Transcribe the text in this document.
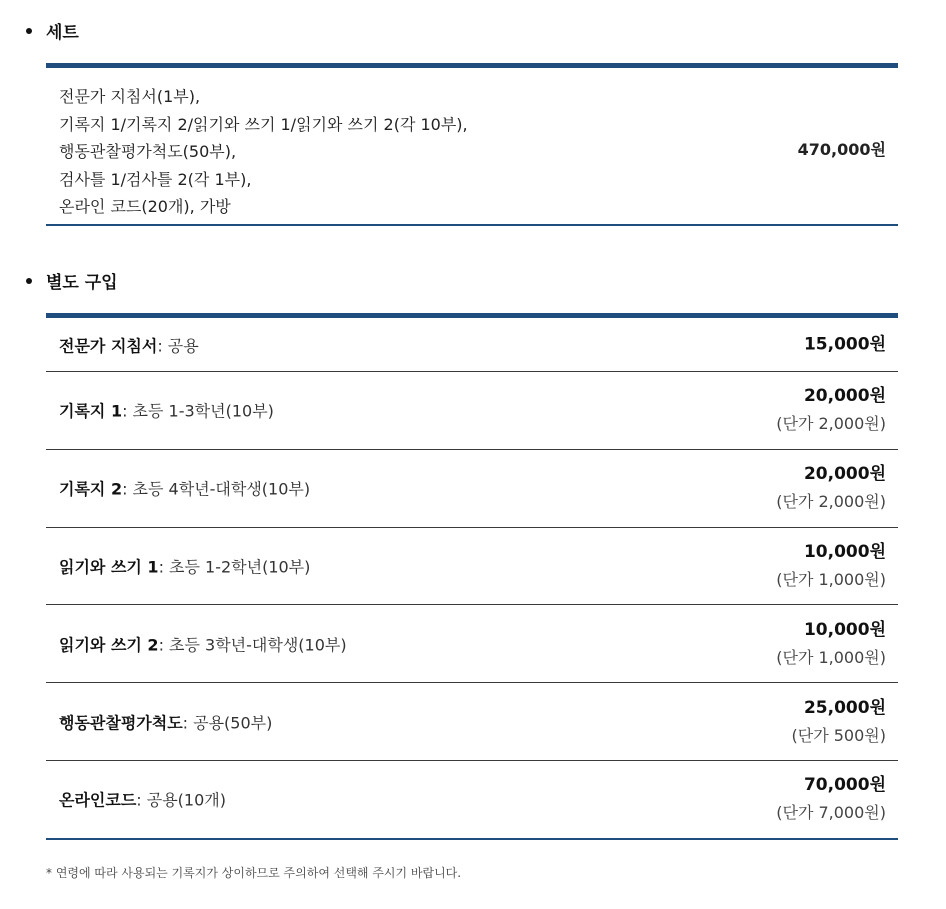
세트
전문가 지침서(1부),
기록지 1/기록지 2/읽기와 쓰기 1/읽기와 쓰기 2(각 10부),
행동관찰평가척도(50부),
검사틀 1/검사틀 2(각 1부),
온라인 코드(20개), 가방
470,000원
별도 구입
전문가 지침서: 공용	15,000원
기록지 1: 초등 1-3학년(10부)
20,000원
(단가 2,000원)
기록지 2: 초등 4학년-대학생(10부)
20,000원
(단가 2,000원)
읽기와 쓰기 1: 초등 1-2학년(10부)
10,000원
(단가 1,000원)
읽기와 쓰기 2: 초등 3학년-대학생(10부)
10,000원
(단가 1,000원)
행동관찰평가척도: 공용(50부)
25,000원
(단가 500원)
온라인코드: 공용(10개)
70,000원
(단가 7,000원)
* 연령에 따라 사용되는 기록지가 상이하므로 주의하여 선택해 주시기 바랍니다.
